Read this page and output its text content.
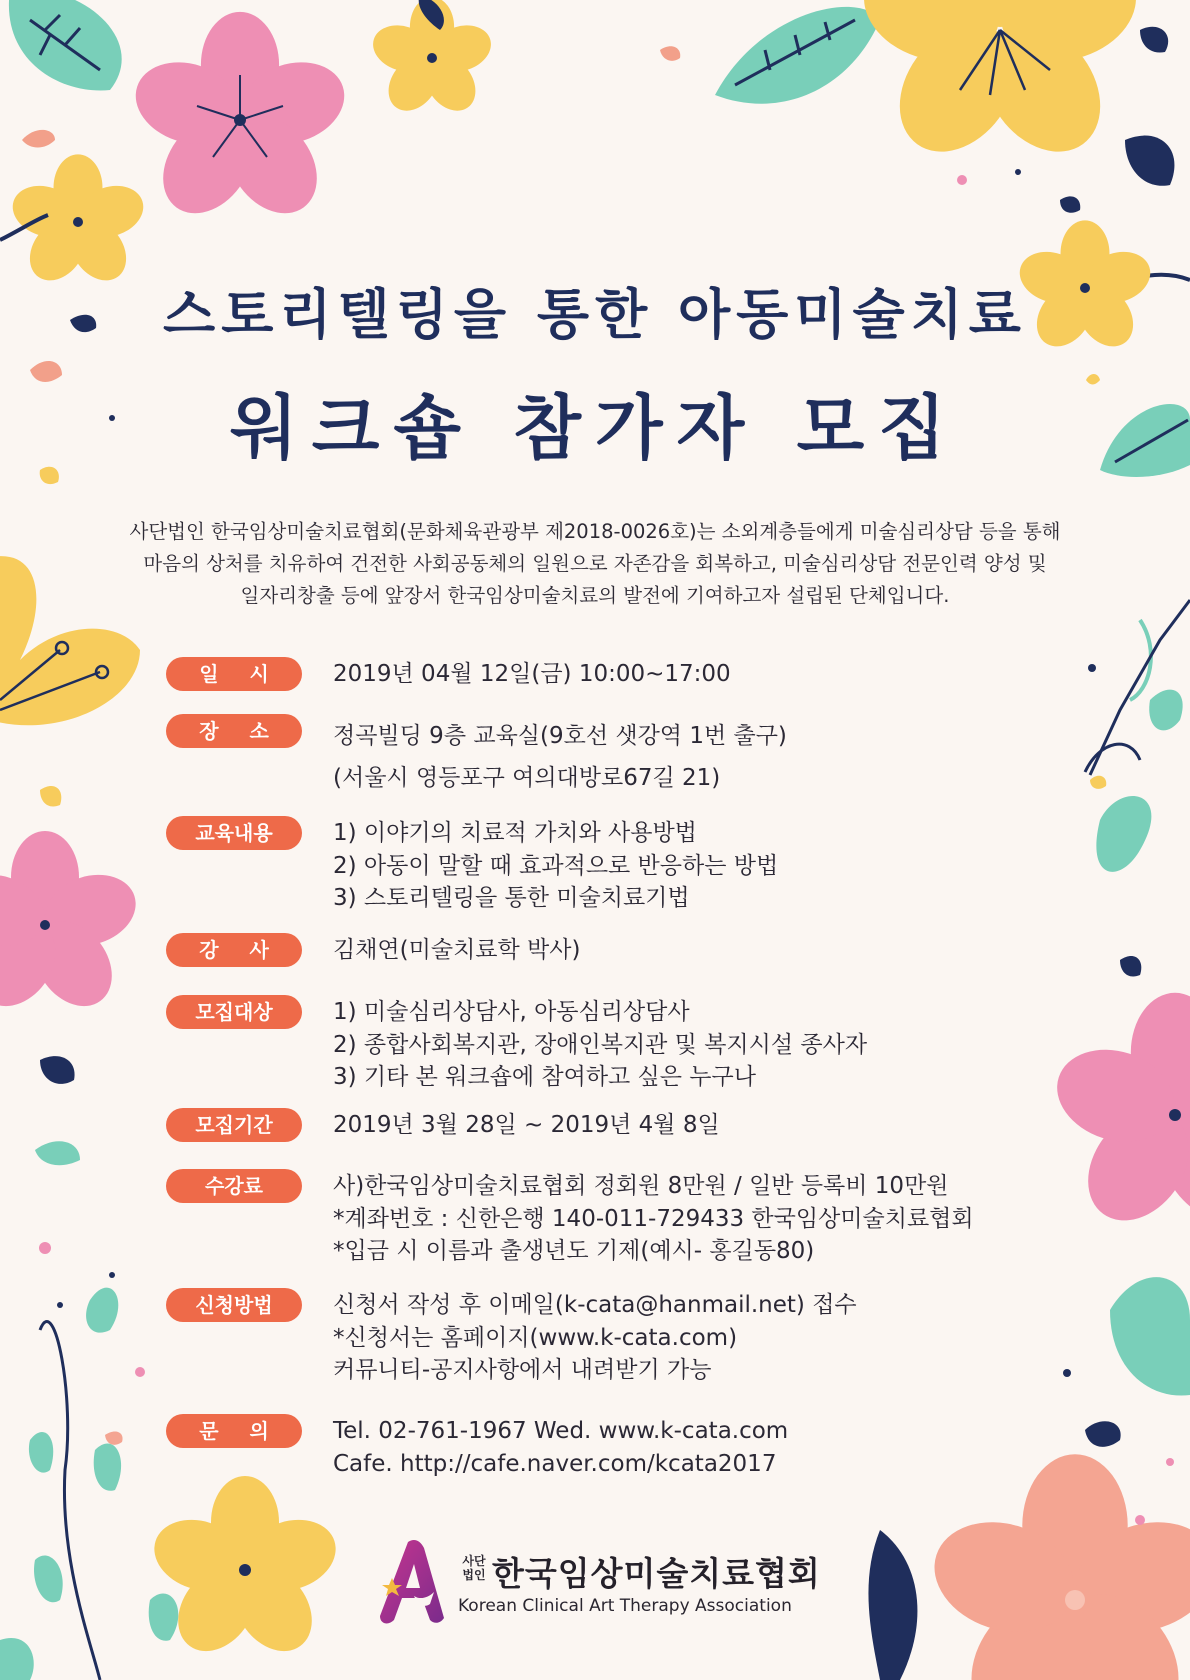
스토리텔링을 통한 아동미술치료
워크숍 참가자 모집
사단법인 한국임상미술치료협회(문화체육관광부 제2018-0026호)는 소외계층들에게 미술심리상담 등을 통해
마음의 상처를 치유하여 건전한 사회공동체의 일원으로 자존감을 회복하고, 미술심리상담 전문인력 양성 및
일자리창출 등에 앞장서 한국임상미술치료의 발전에 기여하고자 설립된 단체입니다.
일 시	2019년 04월 12일(금) 10:00~17:00
장 소	정곡빌딩 9층 교육실(9호선 샛강역 1번 출구)
(서울시 영등포구 여의대방로67길 21)
교육내용	1) 이야기의 치료적 가치와 사용방법
2) 아동이 말할 때 효과적으로 반응하는 방법
3) 스토리텔링을 통한 미술치료기법
강 사	김채연(미술치료학 박사)
모집대상	1) 미술심리상담사, 아동심리상담사
2) 종합사회복지관, 장애인복지관 및 복지시설 종사자
3) 기타 본 워크숍에 참여하고 싶은 누구나
모집기간	2019년 3월 28일 ~ 2019년 4월 8일
수강료	사)한국임상미술치료협회 정회원 8만원 / 일반 등록비 10만원
*계좌번호 : 신한은행 140-011-729433 한국임상미술치료협회
*입금 시 이름과 출생년도 기제(예시- 홍길동80)
신청방법	신청서 작성 후 이메일(k-cata@hanmail.net) 접수
*신청서는 홈페이지(www.k-cata.com)
커뮤니티-공지사항에서 내려받기 가능
문 의	Tel. 02-761-1967 Wed. www.k-cata.com
Cafe. http://cafe.naver.com/kcata2017
사단
법인 한국임상미술치료협회
Korean Clinical Art Therapy Association
